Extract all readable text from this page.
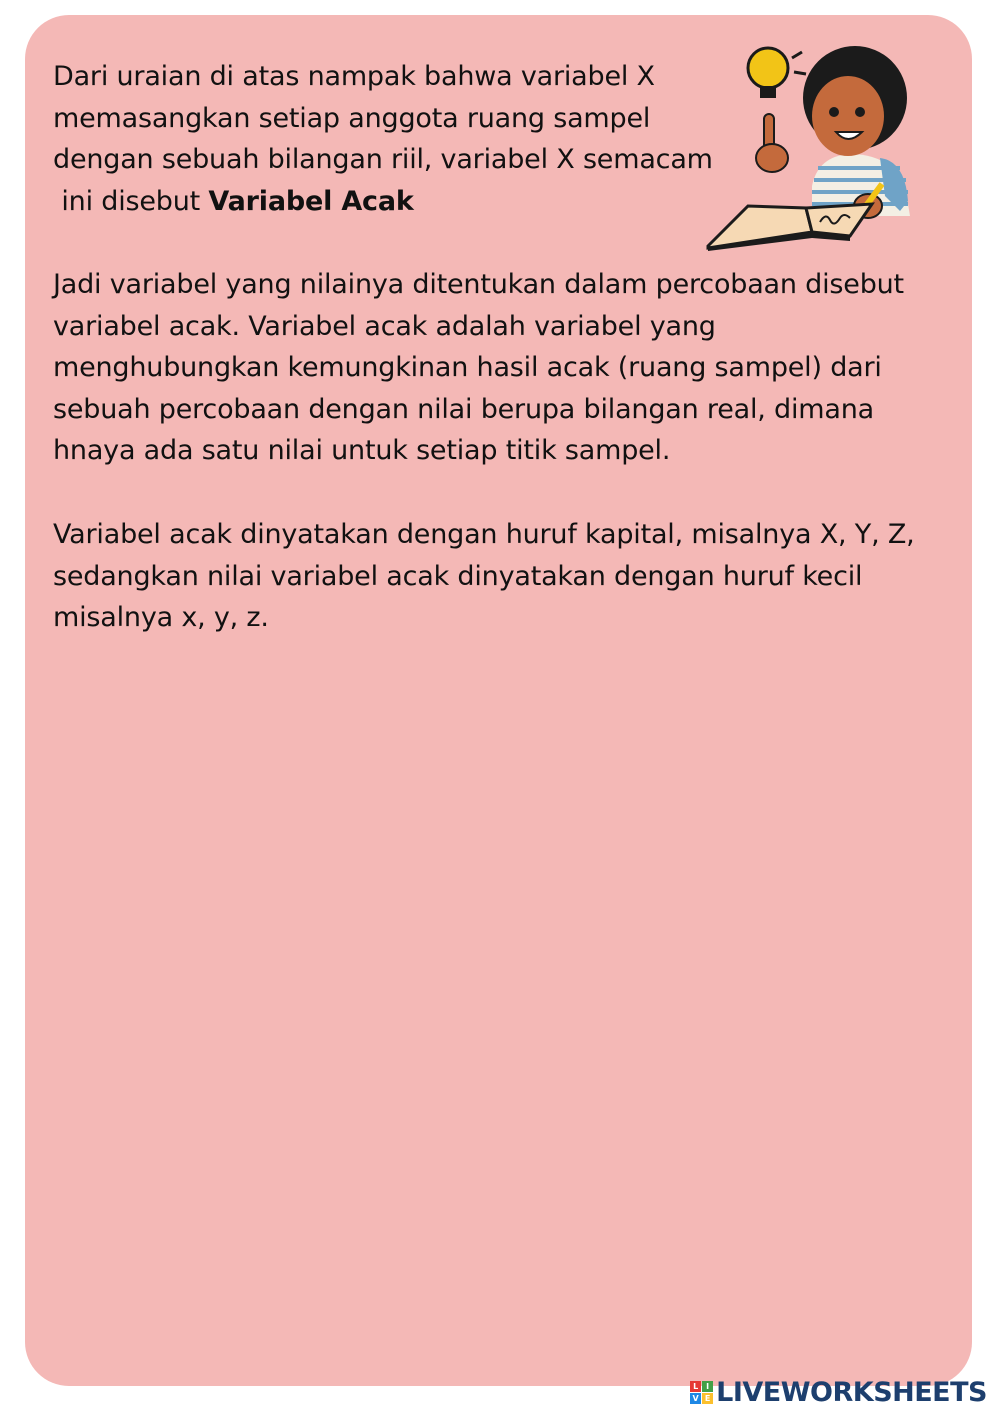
Dari uraian di atas nampak bahwa variabel X
memasangkan setiap anggota ruang sampel
dengan sebuah bilangan riil, variabel X semacam
ini disebut Variabel Acak

Jadi variabel yang nilainya ditentukan dalam percobaan disebut
variabel acak. Variabel acak adalah variabel yang
menghubungkan kemungkinan hasil acak (ruang sampel) dari
sebuah percobaan dengan nilai berupa bilangan real, dimana
hnaya ada satu nilai untuk setiap titik sampel.

Variabel acak dinyatakan dengan huruf kapital, misalnya X, Y, Z,
sedangkan nilai variabel acak dinyatakan dengan huruf kecil
misalnya x, y, z.

L I
V E LIVEWORKSHEETS
